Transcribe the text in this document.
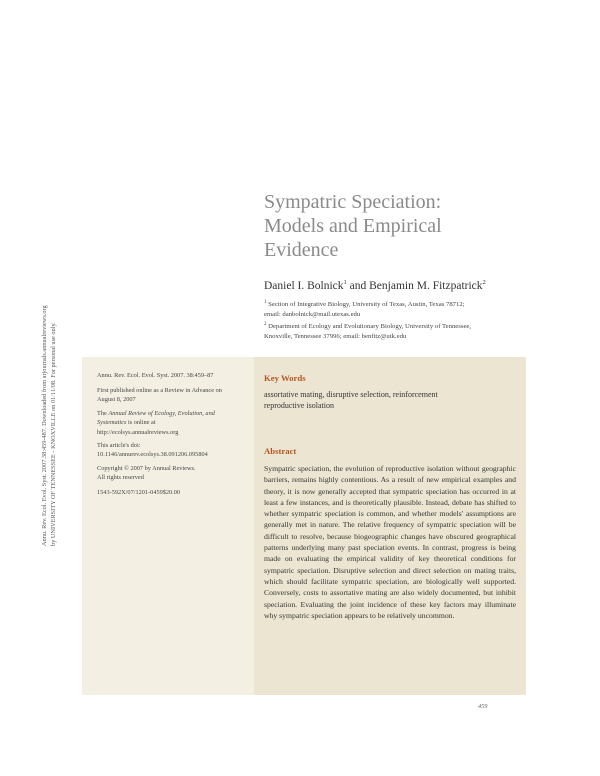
Annu. Rev. Ecol. Evol. Syst. 2007.38:459-487. Downloaded from arjournals.annualreviews.org by UNIVERSITY OF TENNESSEE - KNOXVILLE on 01/11/08. For personal use only.
Sympatric Speciation:
Models and Empirical
Evidence
Daniel I. Bolnick$^1$ and Benjamin M. Fitzpatrick$^2$
$^1$ Section of Integrative Biology, University of Texas, Austin, Texas 78712;
email: danbolnick@mail.utexas.edu
$^2$ Department of Ecology and Evolutionary Biology, University of Tennessee,
Knoxville, Tennessee 37996; email: benfitz@utk.edu
Annu. Rev. Ecol. Evol. Syst. 2007. 38:459–87
First published online as a Review in Advance on
August 8, 2007
The Annual Review of Ecology, Evolution, and
Systematics is online at
http://ecolsys.annualreviews.org
This article's doi:
10.1146/annurev.ecolsys.38.091206.095804
Copyright © 2007 by Annual Reviews.
All rights reserved
1543-592X/07/1201-0459$20.00
Key Words
assortative mating, disruptive selection, reinforcement
reproductive isolation
Abstract

Sympatric speciation, the evolution of reproductive isolation without geographic barriers, remains highly contentious. As a result of new empirical examples and theory, it is now generally accepted that sympatric speciation has occurred in at least a few instances, and is theoretically plausible. Instead, debate has shifted to whether sympatric speciation is common, and whether models' assumptions are generally met in nature. The relative frequency of sympatric speciation will be difficult to resolve, because biogeographic changes have obscured geographical patterns underlying many past speciation events. In contrast, progress is being made on evaluating the empirical validity of key theoretical conditions for sympatric speciation. Disruptive selection and direct selection on mating traits, which should facilitate sympatric speciation, are biologically well supported. Conversely, costs to assortative mating are also widely documented, but inhibit speciation. Evaluating the joint incidence of these key factors may illuminate why sympatric speciation appears to be relatively uncommon.

459
